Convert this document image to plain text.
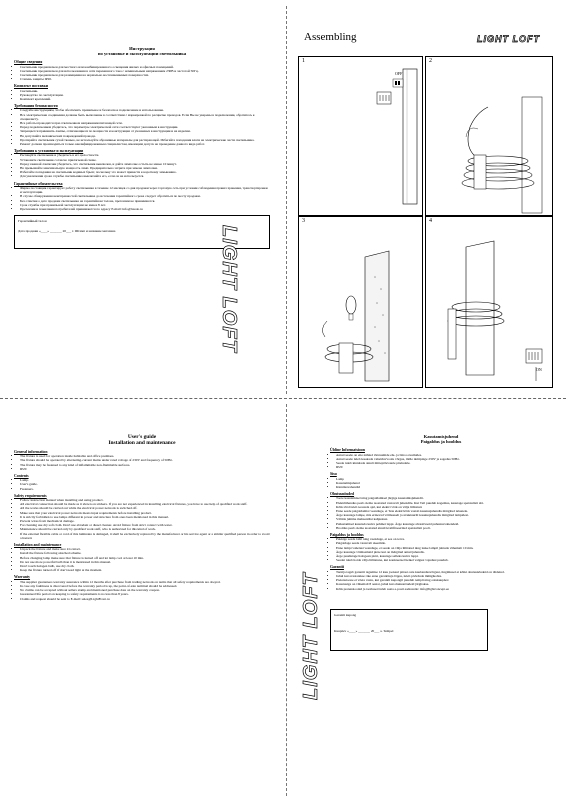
Инструкция
по установке и эксплуатации светильника
Общие сведения
• Светильник предназначен для местного или комбинированного освещения жилых и офисных помещений.
• Светильник предназначен для использования в сети переменного тока с номинальным напряжением 230В и частотой 50Гц.
• Светильник предназначен для размещения на нормально воспламеняемых поверхностях.
• Степень защиты IP20.
Комплект поставки
• Светильник.
• Руководство по эксплуатации.
• Комплект креплений.
Требования безопасности
• Следуйте инструкциям, чтобы обеспечить правильное и безопасное подключение и использование.
• Все электрические соединения должны быть выполнены в соответствии с маркировкой по расцветке проводов. Если Вы не уверены в подключении, обратитесь к специалисту.
• Все работы проводятся при отключенном напряжении питающей сети.
• Перед подключением убедитесь, что параметры электрической сети соответствуют указанным в инструкции.
• Запрещается применять лампы, отличающиеся по мощности и конструкции от указанных в инструкции и на изделии.
• Не допускайте механических повреждений провода.
• Протирайте светильник сухой тканью, не используйте абразивные материалы для растирающей. Избегайте попадания влаги на электрические части светильника.
• Ремонт должен производиться только квалифицированным специалистом, имеющим допуск на проведение данного вида работ.
Требования к установке и эксплуатации
• Распакуйте светильник и убедитесь в его целостности.
• Установите светильник согласно прилагаемой схеме.
• Перед заменой лампочки убедитесь, что светильник выключен, и дайте лампочке остыть не менее 10 минут.
• Не превышайте максимальную мощность ламп. Предварительно затрите при замене лампочки.
• Избегайте попадания на светильник водяных брызг, поскольку это может привести к короткому замыканию.
• Для увеличения срока службы светильника выключайте его, если он не используется.
Гарантийные обязательства
• Фирма поставщик гарантирует работу светильника в течение 12 месяцев со дня продажи через торговую сеть при условии соблюдения правил хранения, транспортировки и эксплуатации.
• В случае обнаружения неисправностей светильника до истечения гарантийного срока следует обратиться по месту продажи.
• Без отметки о дате продажи светильника на гарантийном талоне, претензии не принимаются.
• Срок службы при правильной эксплуатации не менее 8 лет.
• Претензии и пожелания потребителей принимаются по адресу E-mail: info@lusole.ru
Гарантийный талон
Дата продажи «____» _______ 20___ г. Штамп и название магазина
Assembling	LIGHT LOFT
1
OFF
2
3	4
ON
User's guide
Installation and maintenance
General information
• The fixture is used for operation inside habitable and office premises.
• The fixture should be operated by alternating-current mains under rated voltage of 230V and frequency of 50Hz.
• The fixture may be fastened to any kind of inflammable non-flammable surfaces.
• IP20
Contents
• Lamp.
• User's guide.
• Fasteners.
Safety requirements
• Follow instruction manual when installing and using product.
• All electrical connection should be made as it shown on stickers. If you are not experienced in installing electrical fixtures, you have to use help of qualified work staff.
• All the works should be carried out while the electrical power network is switched off.
• Make sure that your electrical power network meets input requirements before installing product.
• It is strictly forbidden to use lamps different in power and structure from ones been mentioned in this manual.
• Prevent wires from mechanical damage.
• For cleaning use dry soft cloth. Don't use abradant or diesel cleaner. Avoid fixture from strict contact with water.
• Maintenance should be carried only by qualified work staff, who is authorized for this kind of work.
• If the external flexible cable or cord of this luminaire is damaged, it shall be exclusively replaced by the manufacturer or his service agent or a similar qualified person in order to avoid a hazard.
Installation and maintenance
• Unpack the fixture and make sure it is intact.
• Install the fixture following attached scheme.
• Before changing lamp make sure that fixture is turned off and let lamp cool at least 10 min.
• Do not use more powerful bulb than it is mentioned in this manual.
• Don't touch halogen bulb, use dry cloth.
• Keep the fixture turned off if don't need light at the moment.
Warranty
• The supplier guarantees warranty assurance within 12 months after purchase from trading network on terms that all safety requirements are obeyed.
• In case any faultiness is discovered before the warranty period is up, the point-of-sale terminal should be addressed.
• No claims can be accepted without sellers stamp and mentioned purchase date on the warranty coupon.
• Guaranteed life period on keeping to safety requirements is no less than 8 years.
• Claims and request should be sent to E-mail: sales@LightFront.ru
Kasutamisjuhend
Paigaldus ja hooldus
Üldine Informatsioon
• Antud seade on ette nähtud tööruumide elu- ja büroo ruumides.
• Antud seade tuleb kasutada vahelduvvoolu võrgus, mille nimipinge 230V ja sagedus 50Hz.
• Seade tuleb kinnitada ainult mittepõlevatele pindadele.
• IP20
Sisu
• Lamp
• Kasutamisjuhend
• Kinnitusvahendid
Ohutusnõuded
• Toote kasutamisel ning paigaldamisel järgige kasutamisjuhendit.
• Elektriühendus peab olema teostatud vastavalt juhendile. Kui Teil puudub kogemus, kasutage spetsialisti abi.
• Kõik tööd tuleb teostada ajal, kui elektri võrk on välja lülitatud.
• Enne seade paigaldamist veenduge, et Teie elektrivõrk vastab kasutusjuhendis märgitud nõuetele.
• Ärge kasutage lampe, mis erinevad võimsuselt ja struktuurilt kasutusjuhendis märgitud lampidest.
• Vältida juhtme mehaanilist kahjustust.
• Puhastamisel kasutada kuiva pehmet lappi. Ärge kasutage abrasiivseid puhastusvahendeid.
• Hooldus peab olema teostatud ainult kvalifitseeritud spetsialisti poolt.
Paigaldus ja hooldus
• Pakkige seade lahti ning veenduge, et see on terve.
• Paigaldage seade vastavalt skeemile.
• Enne lampi vahetust veenduge, et seade on välja lülitatud ning laske lampil jahtuda vähemalt 10 min.
• Ärge kasutage võimsamaid pirne kui on märgitud antud juhendis.
• Ärge puudutage halogeen pirni, kasutage selleks kuiva lappi.
• Seadet tuleb hoida välja lülitatuna, kui konkreetsel hetkel valgust vajadust puudub.
Garantii
• Tarnija tagab garantii tagamise 12 kuu jooksul pärast ostu kaubandusvõrgust, tingimusel et kõiki ohutusnõudeid on täidetud.
• Juhul kui avastatakse rike enne garantiiaja lõppu, tuleb pöörduda müügikohta.
• Pretensioone ei võeta vastu, kui garantii kupongil puudub templi ning ostukuupäev.
• Kasutusiga on vähemalt 8 aastat, juhul kui ohutusnõudeid järgitakse.
• Kõik pretensioonid ja taotlused tuleb saata e-posti aadressile: info@lightconcept.ee
Garantii kupong
Kuupäev «____» _______ 20___ a. Tempel
LIGHT LOFT
LIGHT LOFT
